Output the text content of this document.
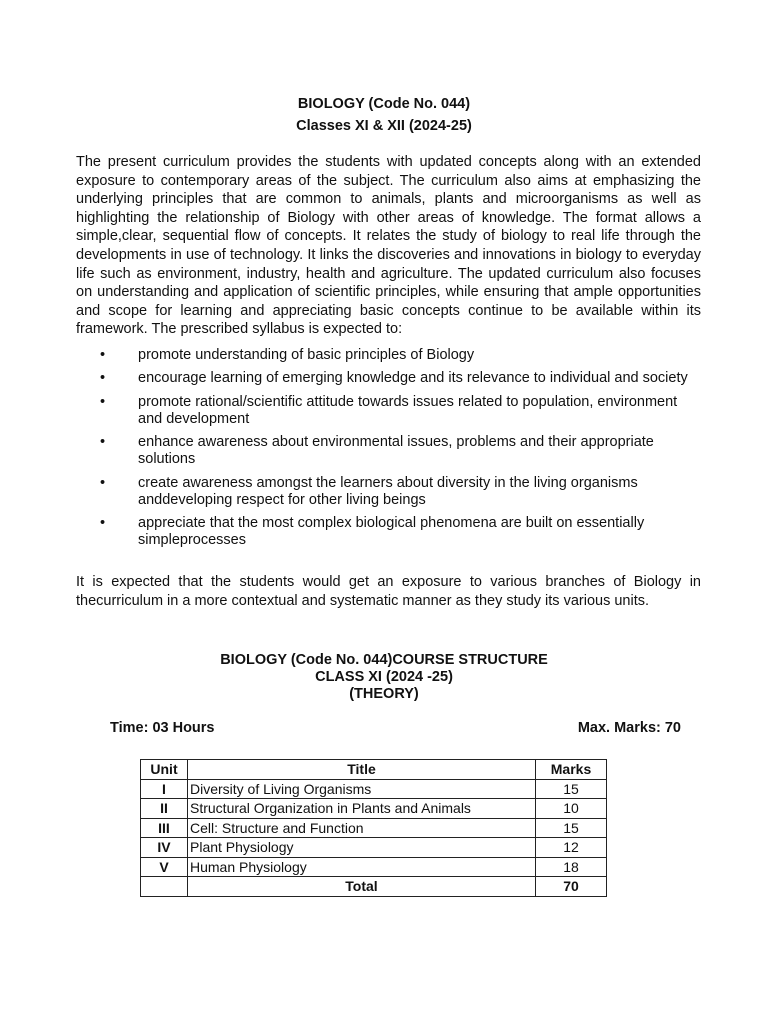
BIOLOGY (Code No. 044)
Classes XI & XII (2024-25)
The present curriculum provides the students with updated concepts along with an extended exposure to contemporary areas of the subject. The curriculum also aims at emphasizing the underlying principles that are common to animals, plants and microorganisms as well as highlighting the relationship of Biology with other areas of knowledge. The format allows a simple,clear, sequential flow of concepts. It relates the study of biology to real life through the developments in use of technology. It links the discoveries and innovations in biology to everyday life such as environment, industry, health and agriculture. The updated curriculum also focuses on understanding and application of scientific principles, while ensuring that ample opportunities and scope for learning and appreciating basic concepts continue to be available within its framework. The prescribed syllabus is expected to:
• promote understanding of basic principles of Biology
• encourage learning of emerging knowledge and its relevance to individual and society
• promote rational/scientific attitude towards issues related to population, environment and development
• enhance awareness about environmental issues, problems and their appropriate solutions
• create awareness amongst the learners about diversity in the living organisms anddeveloping respect for other living beings
• appreciate that the most complex biological phenomena are built on essentially simpleprocesses
It is expected that the students would get an exposure to various branches of Biology in thecurriculum in a more contextual and systematic manner as they study its various units.
BIOLOGY (Code No. 044)COURSE STRUCTURE
CLASS XI (2024 -25)
(THEORY)
Time: 03 Hours	Max. Marks: 70
Unit	Title	Marks
I	Diversity of Living Organisms	15
II	Structural Organization in Plants and Animals	10
III	Cell: Structure and Function	15
IV	Plant Physiology	12
V	Human Physiology	18
	Total	70
